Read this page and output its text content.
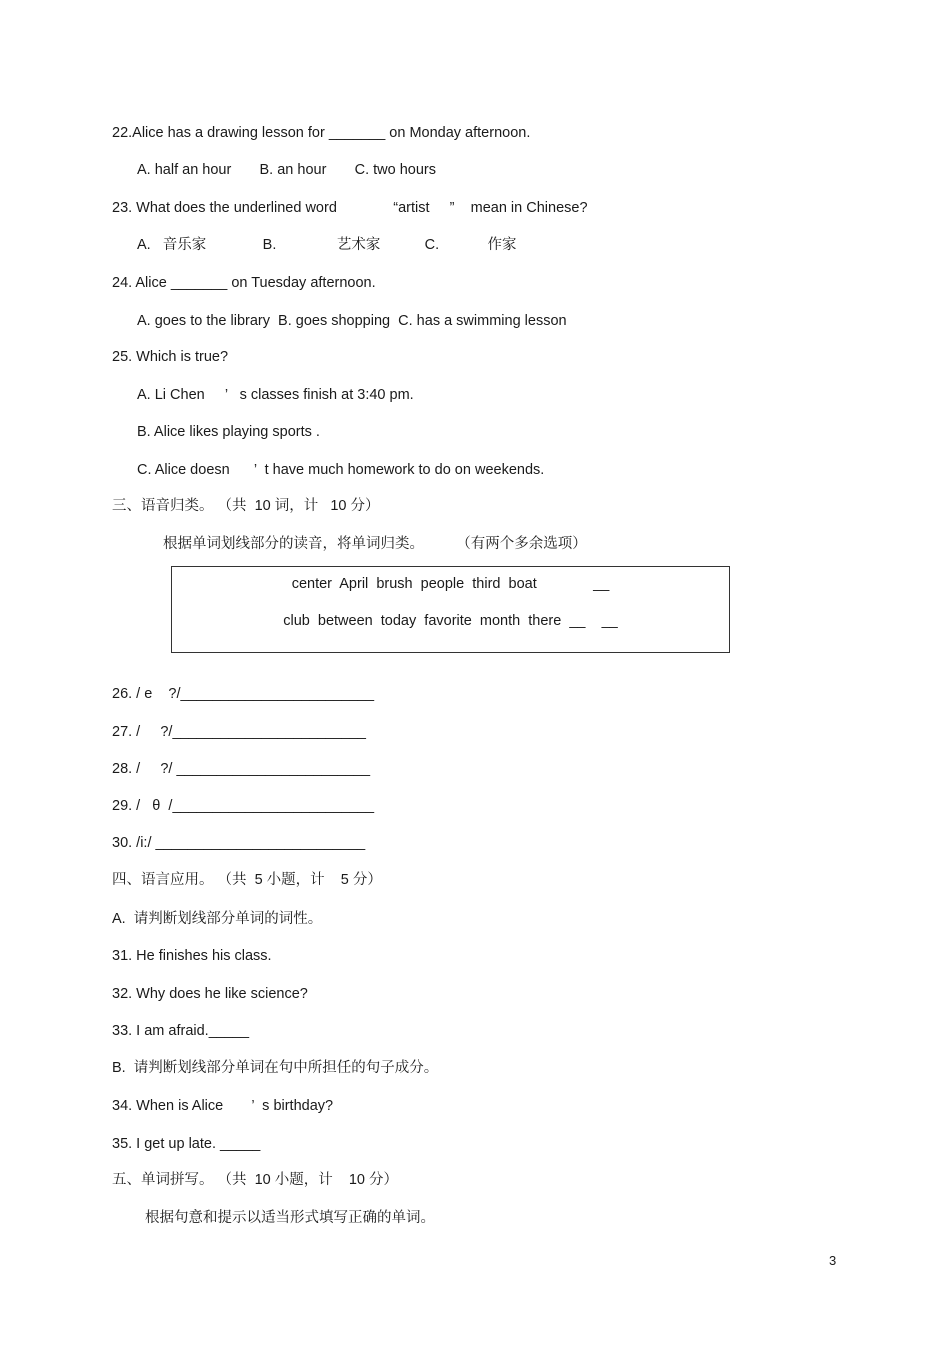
22.Alice has a drawing lesson for _______ on Monday afternoon.
A. half an hour       B. an hour       C. two hours
23. What does the underlined word              “artist     ”    mean in Chinese?
A.   音乐家              B.               艺术家           C.            作家
24. Alice _______ on Tuesday afternoon.
A. goes to the library  B. goes shopping  C. has a swimming lesson
25. Which is true?
A. Li Chen     ’   s classes finish at 3:40 pm.
B. Alice likes playing sports .
C. Alice doesn      ’  t have much homework to do on weekends.
三、语音归类。 （共  10 词，计   10 分）
根据单词划线部分的读音，将单词归类。        （有两个多余选项）
center  April  brush  people  third  boat              __
club  between  today  favorite  month  there  __    __
26. / e    ?/________________________
27. /     ?/________________________
28. /     ?/ ________________________
29. /   θ  /_________________________
30. /i:/ __________________________
四、语言应用。 （共  5 小题，计    5 分）
A.  请判断划线部分单词的词性。
31. He finishes his class.
32. Why does he like science?
33. I am afraid._____
B.  请判断划线部分单词在句中所担任的句子成分。
34. When is Alice       ’  s birthday?
35. I get up late. _____
五、单词拼写。 （共  10 小题，计    10 分）
根据句意和提示以适当形式填写正确的单词。
3
